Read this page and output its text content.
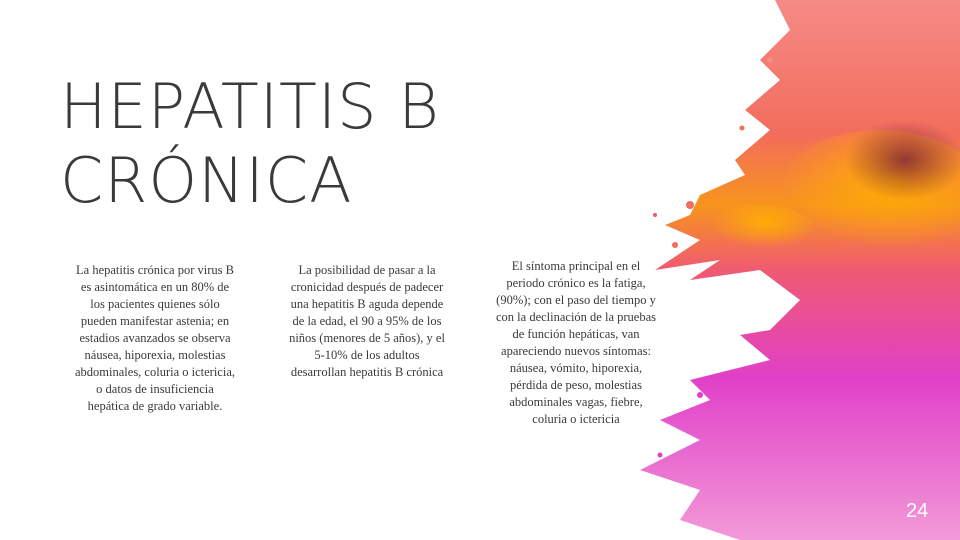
HEPATITIS B
CRÓNICA
La hepatitis crónica por virus B es asintomática en un 80% de los pacientes quienes sólo pueden manifestar astenia; en estadios avanzados se observa náusea, hiporexia, molestias abdominales, coluria o ictericia, o datos de insuficiencia hepática de grado variable.
La posibilidad de pasar a la cronicidad después de padecer una hepatitis B aguda depende de la edad, el 90 a 95% de los niños (menores de 5 años), y el 5-10% de los adultos desarrollan hepatitis B crónica
El síntoma principal en el periodo crónico es la fatiga, (90%); con el paso del tiempo y con la declinación de la pruebas de función hepáticas, van apareciendo nuevos síntomas: náusea, vómito, hiporexia, pérdida de peso, molestias abdominales vagas, fiebre, coluria o ictericia
24
